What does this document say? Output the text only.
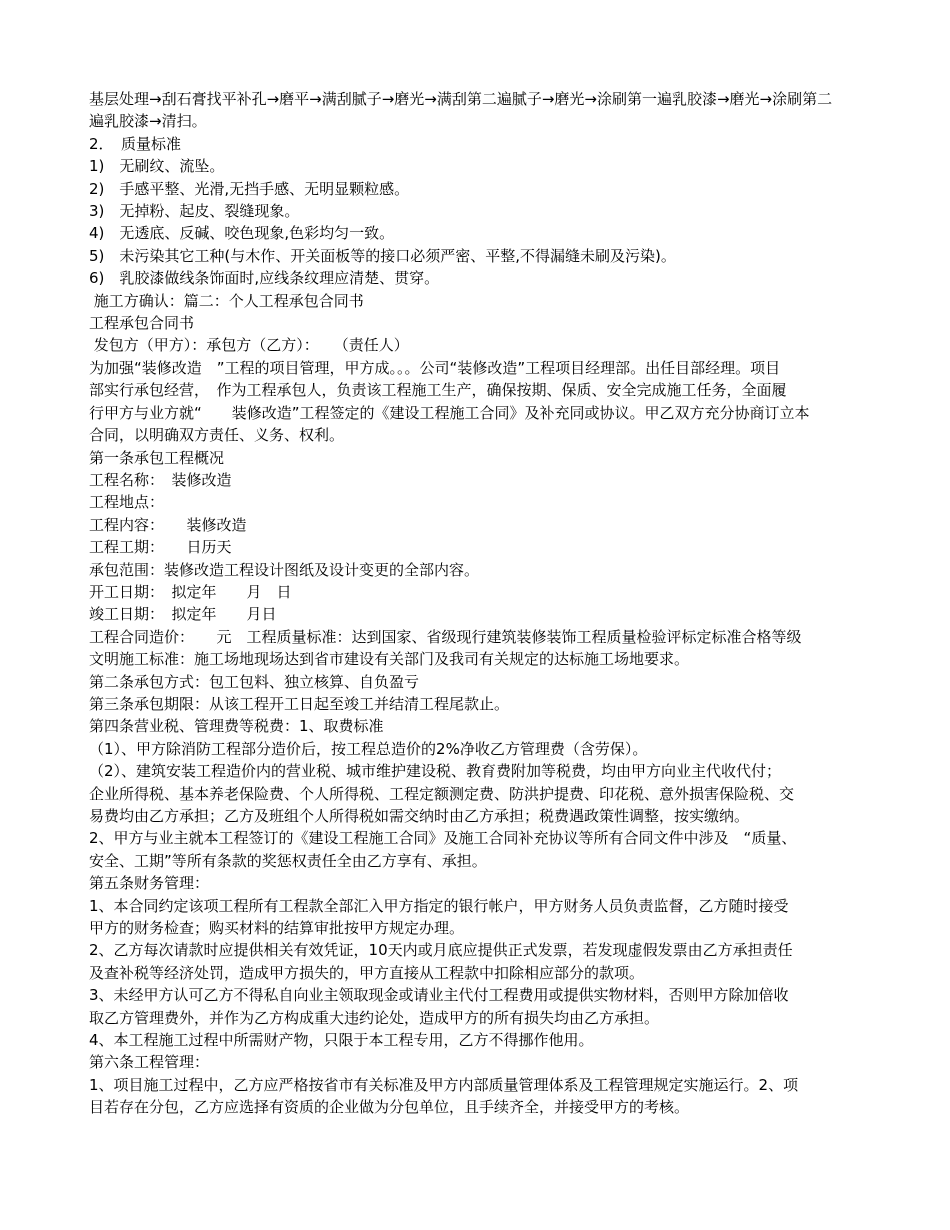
基层处理→刮石膏找平补孔→磨平→满刮腻子→磨光→满刮第二遍腻子→磨光→涂刷第一遍乳胶漆→磨光→涂刷第二
遍乳胶漆→清扫。
2．　质量标准
1)　无刷纹、流坠。
2)　手感平整、光滑,无挡手感、无明显颗粒感。
3)　无掉粉、起皮、裂缝现象。
4)　无透底、反碱、咬色现象,色彩均匀一致。
5)　未污染其它工种(与木作、开关面板等的接口必须严密、平整,不得漏缝未刷及污染)。
6)　乳胶漆做线条饰面时,应线条纹理应清楚、贯穿。
施工方确认：篇二：个人工程承包合同书
工程承包合同书
发包方（甲方）：承包方（乙方）：　　（责任人）
为加强“装修改造　”工程的项目管理，甲方成。。。公司“装修改造”工程项目经理部。出任目部经理。项目
部实行承包经营，　作为工程承包人，负责该工程施工生产，确保按期、保质、安全完成施工任务，全面履
行甲方与业方就“　　装修改造”工程签定的《建设工程施工合同》及补充同或协议。甲乙双方充分协商订立本
合同，以明确双方责任、义务、权利。
第一条承包工程概况
工程名称：　装修改造
工程地点：
工程内容：　　装修改造
工程工期：　　日历天
承包范围：装修改造工程设计图纸及设计变更的全部内容。
开工日期：　拟定年　　月　日
竣工日期：　拟定年　　月日
工程合同造价：　　元　工程质量标准：达到国家、省级现行建筑装修装饰工程质量检验评标定标准合格等级
文明施工标准：施工场地现场达到省市建设有关部门及我司有关规定的达标施工场地要求。
第二条承包方式：包工包料、独立核算、自负盈亏
第三条承包期限：从该工程开工日起至竣工并结清工程尾款止。
第四条营业税、管理费等税费：1、取费标准
（1）、甲方除消防工程部分造价后，按工程总造价的2%净收乙方管理费（含劳保）。
（2）、建筑安装工程造价内的营业税、城市维护建设税、教育费附加等税费，均由甲方向业主代收代付；
企业所得税、基本养老保险费、个人所得税、工程定额测定费、防洪护提费、印花税、意外损害保险税、交
易费均由乙方承担；乙方及班组个人所得税如需交纳时由乙方承担；税费遇政策性调整，按实缴纳。
2、甲方与业主就本工程签订的《建设工程施工合同》及施工合同补充协议等所有合同文件中涉及　“质量、
安全、工期”等所有条款的奖惩权责任全由乙方享有、承担。
第五条财务管理：
1、本合同约定该项工程所有工程款全部汇入甲方指定的银行帐户，甲方财务人员负责监督，乙方随时接受
甲方的财务检查；购买材料的结算审批按甲方规定办理。
2、乙方每次请款时应提供相关有效凭证，10天内或月底应提供正式发票，若发现虚假发票由乙方承担责任
及查补税等经济处罚，造成甲方损失的，甲方直接从工程款中扣除相应部分的款项。
3、未经甲方认可乙方不得私自向业主领取现金或请业主代付工程费用或提供实物材料，否则甲方除加倍收
取乙方管理费外，并作为乙方构成重大违约论处，造成甲方的所有损失均由乙方承担。
4、本工程施工过程中所需财产物，只限于本工程专用，乙方不得挪作他用。
第六条工程管理：
1、项目施工过程中，乙方应严格按省市有关标准及甲方内部质量管理体系及工程管理规定实施运行。2、项
目若存在分包，乙方应选择有资质的企业做为分包单位，且手续齐全，并接受甲方的考核。
